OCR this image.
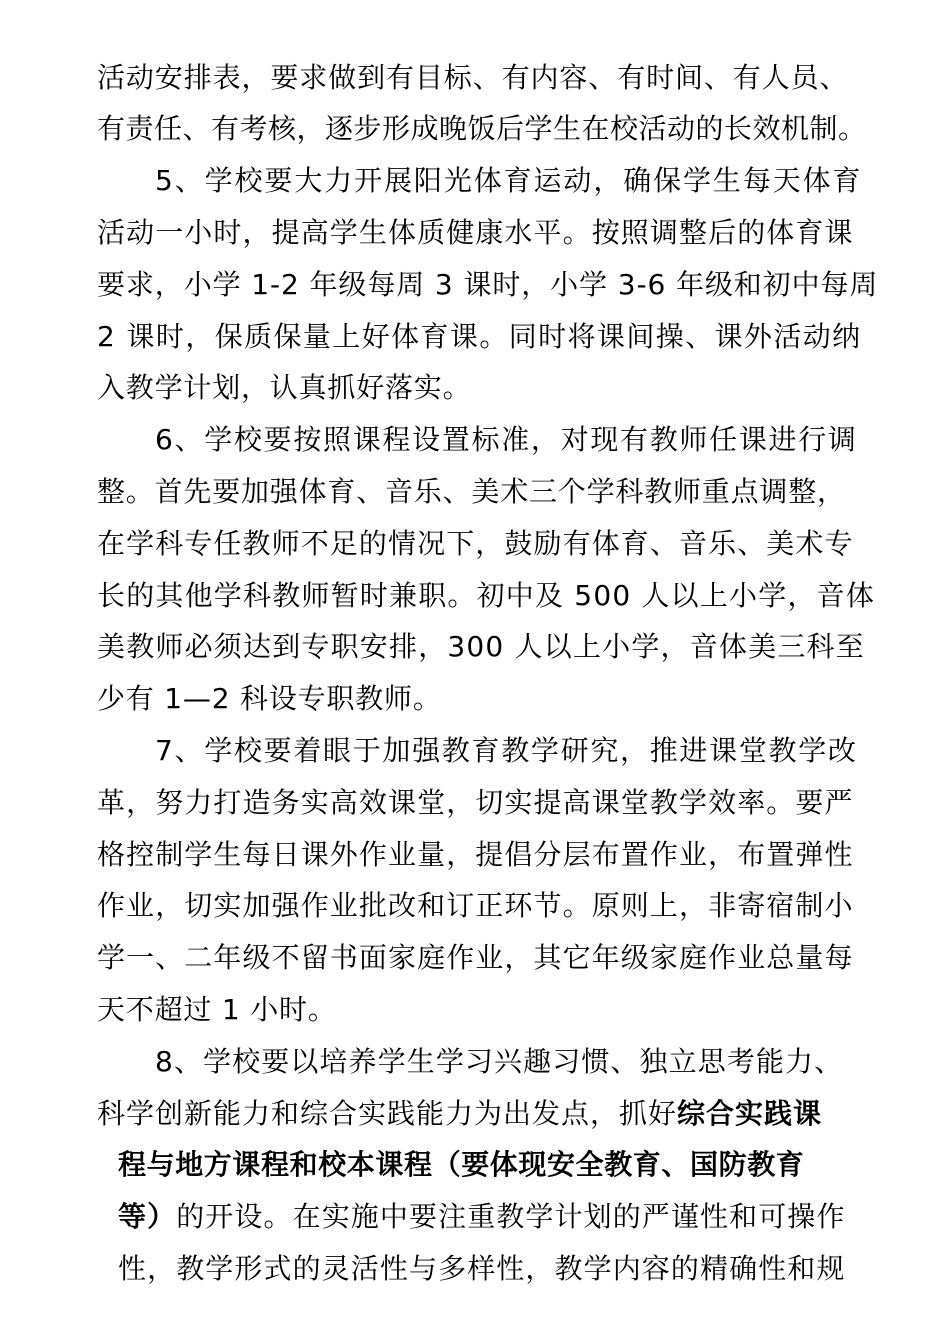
活动安排表，要求做到有目标、有内容、有时间、有人员、
有责任、有考核，逐步形成晚饭后学生在校活动的长效机制。
5、学校要大力开展阳光体育运动，确保学生每天体育
活动一小时，提高学生体质健康水平。按照调整后的体育课
要求，小学 1-2 年级每周 3 课时，小学 3-6 年级和初中每周
2 课时，保质保量上好体育课。同时将课间操、课外活动纳
入教学计划，认真抓好落实。
6、学校要按照课程设置标准，对现有教师任课进行调
整。首先要加强体育、音乐、美术三个学科教师重点调整，
在学科专任教师不足的情况下，鼓励有体育、音乐、美术专
长的其他学科教师暂时兼职。初中及 500 人以上小学，音体
美教师必须达到专职安排，300 人以上小学，音体美三科至
少有 1—2 科设专职教师。
7、学校要着眼于加强教育教学研究，推进课堂教学改
革，努力打造务实高效课堂，切实提高课堂教学效率。要严
格控制学生每日课外作业量，提倡分层布置作业，布置弹性
作业，切实加强作业批改和订正环节。原则上，非寄宿制小
学一、二年级不留书面家庭作业，其它年级家庭作业总量每
天不超过 1 小时。
8、学校要以培养学生学习兴趣习惯、独立思考能力、
科学创新能力和综合实践能力为出发点，抓好综合实践课
程与地方课程和校本课程（要体现安全教育、国防教育
等）的开设。在实施中要注重教学计划的严谨性和可操作
性，教学形式的灵活性与多样性，教学内容的精确性和规
